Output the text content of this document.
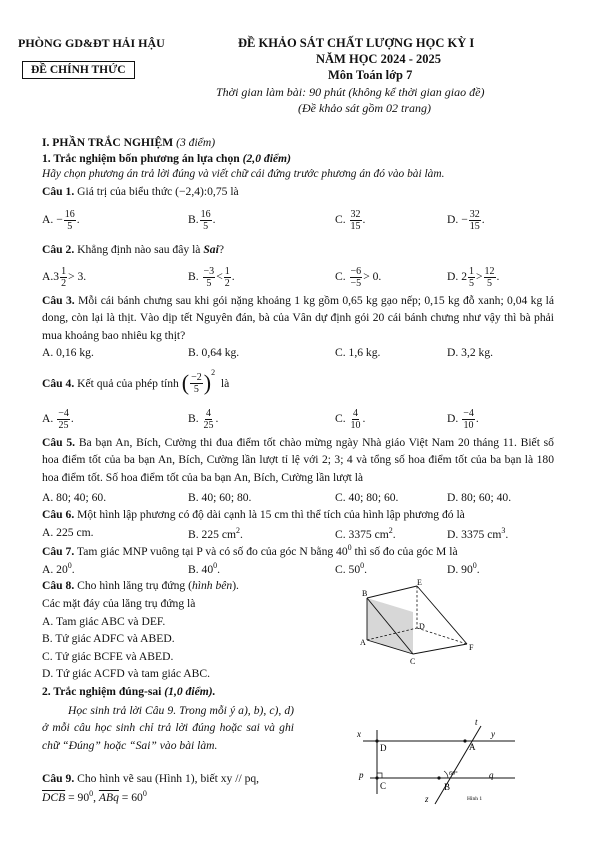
PHÒNG GD&ĐT HẢI HẬU
ĐỀ CHÍNH THỨC
ĐỀ KHẢO SÁT CHẤT LƯỢNG HỌC KỲ I
NĂM HỌC 2024 - 2025
Môn Toán lớp 7
Thời gian làm bài: 90 phút (không kể thời gian giao đề)
(Đề khảo sát gồm 02 trang)
I. PHẦN TRẮC NGHIỆM (3 điểm)
1. Trắc nghiệm bốn phương án lựa chọn (2,0 điểm)
Hãy chọn phương án trả lời đúng và viết chữ cái đứng trước phương án đó vào bài làm.
Câu 1. Giá trị của biểu thức (−2,4):0,75 là
A. − $\frac{16}{5}$ .	B. $\frac{16}{5}$ .	C. $\frac{32}{15}$ .	D. − $\frac{32}{15}$ .
Câu 2. Khẳng định nào sau đây là Sai?
$A.3 \frac{1}{2} > 3$.	B. $\frac{-3}{5} < \frac{1}{2}$ .	C. $\frac{-6}{-5} > 0$.	D. $2 \frac{1}{5} > \frac{12}{5}$ .
Câu 3. Mỗi cái bánh chưng sau khi gói nặng khoảng 1 kg gồm 0,65 kg gạo nếp; 0,15 kg đỗ xanh; 0,04 kg lá dong, còn lại là thịt. Vào dịp tết Nguyên đán, bà của Vân dự định gói 20 cái bánh chưng như vậy thì bà phải mua khoảng bao nhiêu kg thịt?
A. 0,16 kg.	B. 0,64 kg.	C. 1,6 kg.	D. 3,2 kg.
Câu 4.
Kết quả của phép tính
( $\frac{-2}{5} )^2$

là
A. $\frac{-4}{25}$ .	B. $\frac{4}{25}$ .	C. $\frac{4}{10}$ .	D. $\frac{-4}{10}$ .
Câu 5. Ba bạn An, Bích, Cường thi đua điểm tốt chào mừng ngày Nhà giáo Việt Nam 20 tháng 11. Biết số hoa điểm tốt của ba bạn An, Bích, Cường lần lượt tỉ lệ với 2; 3; 4 và tổng số hoa điểm tốt của ba bạn là 180 hoa điểm tốt. Số hoa điểm tốt của ba bạn An, Bích, Cường lần lượt là
A. 80; 40; 60.	B. 40; 60; 80.	C. 40; 80; 60.	D. 80; 60; 40.
Câu 6. Một hình lập phương có độ dài cạnh là 15 cm thì thể tích của hình lập phương đó là
A. 225 cm.	B. 225 $cm^2$.	C. 3375 $cm^2$.	D. 3375 $cm^3$.
Câu 7. Tam giác MNP vuông tại P và có số đo của góc N bằng $40^0$ thì số đo của góc M là
A. $20^0$.	B. $40^0$.	C. $50^0$.	D. $90^0$.
Câu 8. Cho hình lăng trụ đứng (hình bên).
Các mặt đáy của lăng trụ đứng là
A. Tam giác ABC và DEF.
B. Tứ giác ADFC và ABED.
C. Tứ giác BCFE và ABED.
D. Tứ giác ACFD và tam giác ABC.
B
E
D
A
C
F
2. Trắc nghiệm đúng-sai (1,0 điểm).
Học sinh trả lời Câu 9. Trong mỗi ý a), b), c), d) ở mỗi câu học sinh chỉ trả lời đúng hoặc sai và ghi chữ “Đúng” hoặc “Sai” vào bài làm.
Câu 9. Cho hình vẽ sau (Hình 1), biết xy // pq,
$\overline{DCB} = 90^0$, $\overline{ABq} = 60^0$
x	y
t
p	q
z
D	A
C	B
60°
Hình 1
